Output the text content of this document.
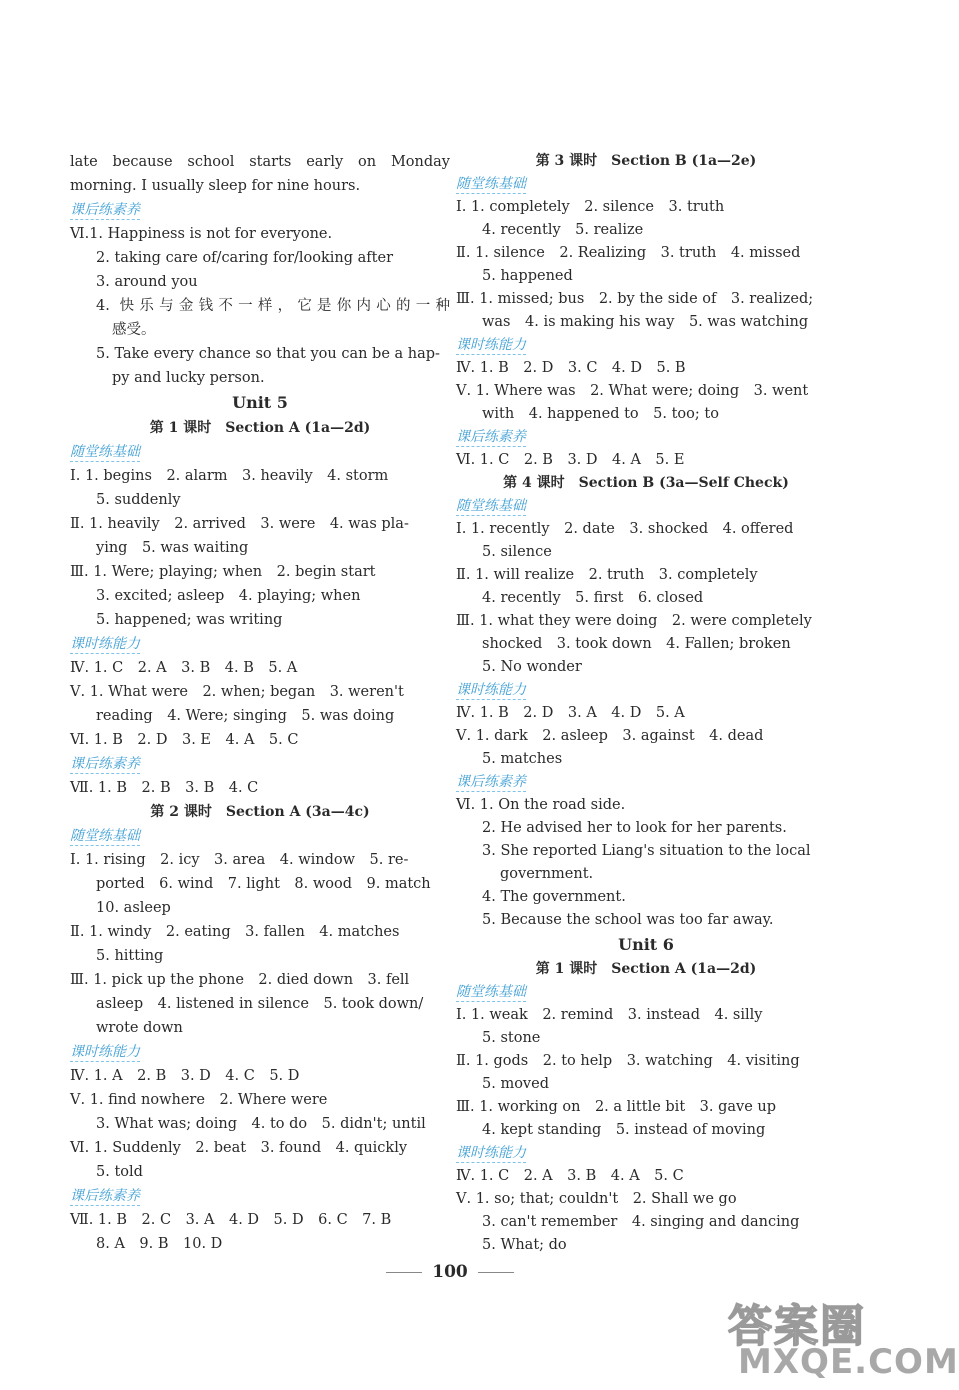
late because school starts early on Monday
morning. I usually sleep for nine hours.
课后练素养
Ⅵ.1. Happiness is not for everyone.
2. taking care of/caring for/looking after
3. around you
4. 快乐与金钱不一样，它是你内心的一种
感受。
5. Take every chance so that you can be a hap-
py and lucky person.
Unit 5
第 1 课时　Section A (1a—2d)
随堂练基础
Ⅰ. 1. begins　2. alarm　3. heavily　4. storm
5. suddenly
Ⅱ. 1. heavily　2. arrived　3. were　4. was pla-
ying　5. was waiting
Ⅲ. 1. Were; playing; when　2. begin start
3. excited; asleep　4. playing; when
5. happened; was writing
课时练能力
Ⅳ. 1. C　2. A　3. B　4. B　5. A
Ⅴ. 1. What were　2. when; began　3. weren't
reading　4. Were; singing　5. was doing
Ⅵ. 1. B　2. D　3. E　4. A　5. C
课后练素养
Ⅶ. 1. B　2. B　3. B　4. C
第 2 课时　Section A (3a—4c)
随堂练基础
Ⅰ. 1. rising　2. icy　3. area　4. window　5. re-
ported　6. wind　7. light　8. wood　9. match
10. asleep
Ⅱ. 1. windy　2. eating　3. fallen　4. matches
5. hitting
Ⅲ. 1. pick up the phone　2. died down　3. fell
asleep　4. listened in silence　5. took down/
wrote down
课时练能力
Ⅳ. 1. A　2. B　3. D　4. C　5. D
Ⅴ. 1. find nowhere　2. Where were
3. What was; doing　4. to do　5. didn't; until
Ⅵ. 1. Suddenly　2. beat　3. found　4. quickly
5. told
课后练素养
Ⅶ. 1. B　2. C　3. A　4. D　5. D　6. C　7. B
8. A　9. B　10. D
第 3 课时　Section B (1a—2e)
随堂练基础
Ⅰ. 1. completely　2. silence　3. truth
4. recently　5. realize
Ⅱ. 1. silence　2. Realizing　3. truth　4. missed
5. happened
Ⅲ. 1. missed; bus　2. by the side of　3. realized;
was　4. is making his way　5. was watching
课时练能力
Ⅳ. 1. B　2. D　3. C　4. D　5. B
Ⅴ. 1. Where was　2. What were; doing　3. went
with　4. happened to　5. too; to
课后练素养
Ⅵ. 1. C　2. B　3. D　4. A　5. E
第 4 课时　Section B (3a—Self Check)
随堂练基础
Ⅰ. 1. recently　2. date　3. shocked　4. offered
5. silence
Ⅱ. 1. will realize　2. truth　3. completely
4. recently　5. first　6. closed
Ⅲ. 1. what they were doing　2. were completely
shocked　3. took down　4. Fallen; broken
5. No wonder
课时练能力
Ⅳ. 1. B　2. D　3. A　4. D　5. A
Ⅴ. 1. dark　2. asleep　3. against　4. dead
5. matches
课后练素养
Ⅵ. 1. On the road side.
2. He advised her to look for her parents.
3. She reported Liang's situation to the local
government.
4. The government.
5. Because the school was too far away.
Unit 6
第 1 课时　Section A (1a—2d)
随堂练基础
Ⅰ. 1. weak　2. remind　3. instead　4. silly
5. stone
Ⅱ. 1. gods　2. to help　3. watching　4. visiting
5. moved
Ⅲ. 1. working on　2. a little bit　3. gave up
4. kept standing　5. instead of moving
课时练能力
Ⅳ. 1. C　2. A　3. B　4. A　5. C
Ⅴ. 1. so; that; couldn't　2. Shall we go
3. can't remember　4. singing and dancing
5. What; do
100
答案圈
MXQE.COM
